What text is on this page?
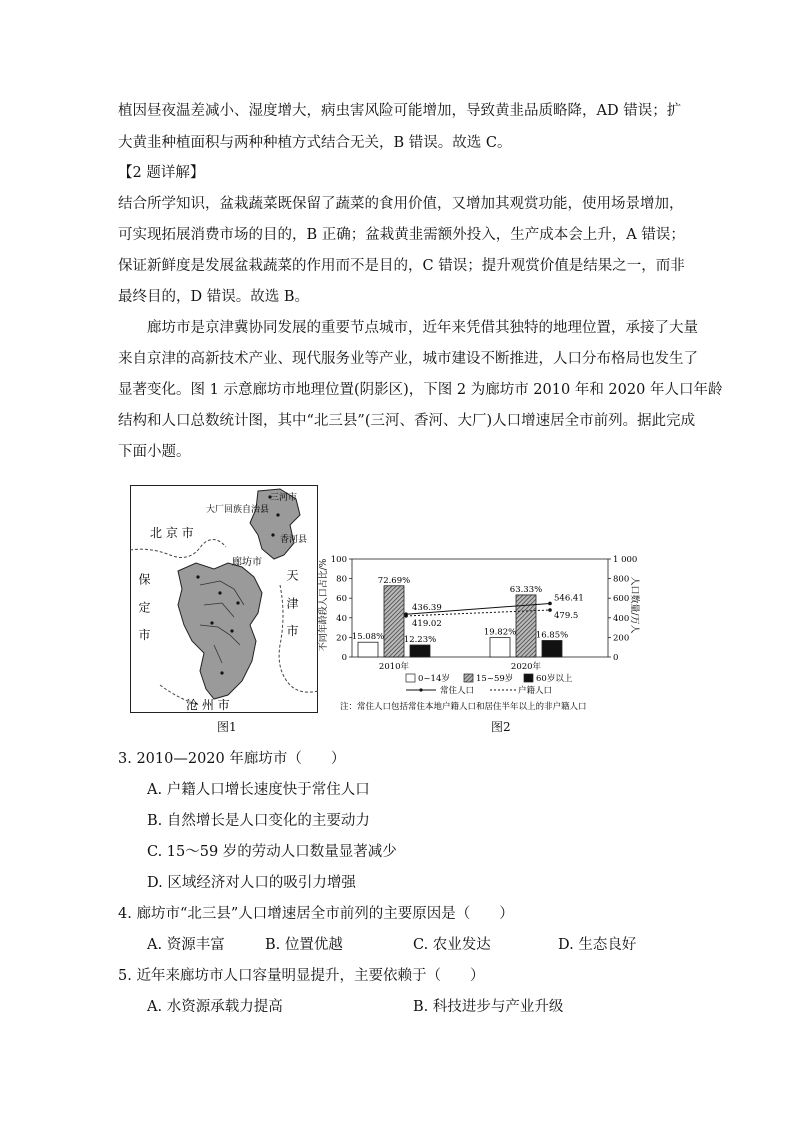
植因昼夜温差减小、湿度增大，病虫害风险可能增加，导致黄韭品质略降，AD 错误；扩
大黄韭种植面积与两种种植方式结合无关，B 错误。故选 C。
【2 题详解】
结合所学知识，盆栽蔬菜既保留了蔬菜的食用价值，又增加其观赏功能，使用场景增加，
可实现拓展消费市场的目的，B 正确；盆栽黄韭需额外投入，生产成本会上升，A 错误；
保证新鲜度是发展盆栽蔬菜的作用而不是目的，C 错误；提升观赏价值是结果之一，而非
最终目的，D 错误。故选 B。
廊坊市是京津冀协同发展的重要节点城市，近年来凭借其独特的地理位置，承接了大量
来自京津的高新技术产业、现代服务业等产业，城市建设不断推进，人口分布格局也发生了
显著变化。图 1 示意廊坊市地理位置(阴影区)，下图 2 为廊坊市 2010 年和 2020 年人口年龄
结构和人口总数统计图，其中“北三县”(三河、香河、大厂)人口增速居全市前列。据此完成
下面小题。
三河市
大厂回族自治县
香河县
北 京 市
廊坊市
天 津 市
保 定 市
沧 州 市
图1
不同年龄段人口占比/%	人口数量/万人
0
20
40
60
80
100
0
200
400
600
800
1 000
15.08%
72.69%
12.23%
2010年
19.82%
63.33%
16.85%
2020年
436.39
419.02
546.41
479.5
0~14岁	15~59岁	60岁以上
常住人口	户籍人口
注：常住人口包括常住本地户籍人口和居住半年以上的非户籍人口
图2
3. 2010—2020 年廊坊市（　　）
A. 户籍人口增长速度快于常住人口
B. 自然增长是人口变化的主要动力
C. 15～59 岁的劳动人口数量显著减少
D. 区域经济对人口的吸引力增强
4. 廊坊市“北三县”人口增速居全市前列的主要原因是（　　）
A. 资源丰富	B. 位置优越	C. 农业发达	D. 生态良好
5. 近年来廊坊市人口容量明显提升，主要依赖于（　　）
A. 水资源承载力提高	B. 科技进步与产业升级
